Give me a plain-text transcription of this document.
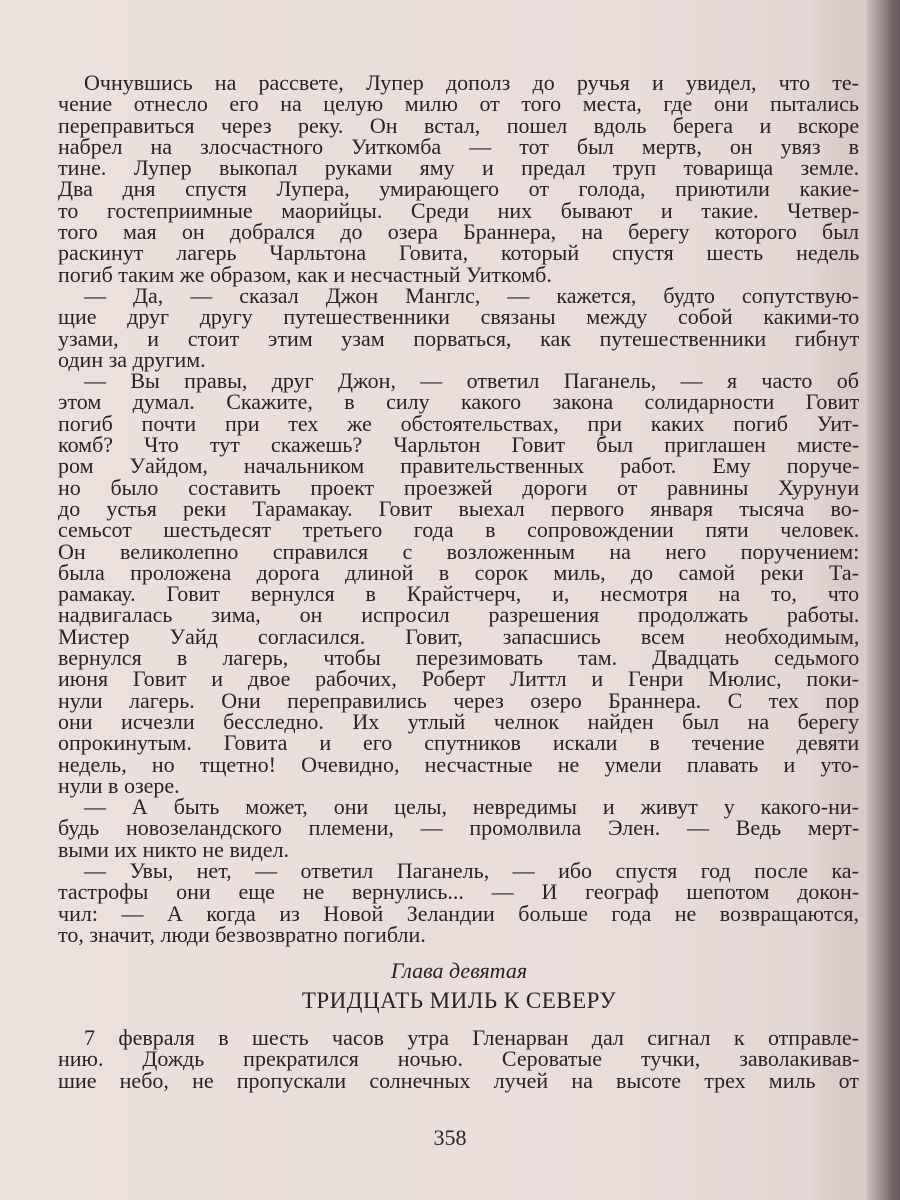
Очнувшись на рассвете, Лупер дополз до ручья и увидел, что те-
чение отнесло его на целую милю от того места, где они пытались
переправиться через реку. Он встал, пошел вдоль берега и вскоре
набрел на злосчастного Уиткомба — тот был мертв, он увяз в
тине. Лупер выкопал руками яму и предал труп товарища земле.
Два дня спустя Лупера, умирающего от голода, приютили какие-
то гостеприимные маорийцы. Среди них бывают и такие. Четвер-
того мая он добрался до озера Браннера, на берегу которого был
раскинут лагерь Чарльтона Говита, который спустя шесть недель
погиб таким же образом, как и несчастный Уиткомб.
— Да, — сказал Джон Манглс, — кажется, будто сопутствую-
щие друг другу путешественники связаны между собой какими-то
узами, и стоит этим узам порваться, как путешественники гибнут
один за другим.
— Вы правы, друг Джон, — ответил Паганель, — я часто об
этом думал. Скажите, в силу какого закона солидарности Говит
погиб почти при тех же обстоятельствах, при каких погиб Уит-
комб? Что тут скажешь? Чарльтон Говит был приглашен мисте-
ром Уайдом, начальником правительственных работ. Ему поруче-
но было составить проект проезжей дороги от равнины Хурунуи
до устья реки Тарамакау. Говит выехал первого января тысяча во-
семьсот шестьдесят третьего года в сопровождении пяти человек.
Он великолепно справился с возложенным на него поручением:
была проложена дорога длиной в сорок миль, до самой реки Та-
рамакау. Говит вернулся в Крайстчерч, и, несмотря на то, что
надвигалась зима, он испросил разрешения продолжать работы.
Мистер Уайд согласился. Говит, запасшись всем необходимым,
вернулся в лагерь, чтобы перезимовать там. Двадцать седьмого
июня Говит и двое рабочих, Роберт Литтл и Генри Мюлис, поки-
нули лагерь. Они переправились через озеро Браннера. С тех пор
они исчезли бесследно. Их утлый челнок найден был на берегу
опрокинутым. Говита и его спутников искали в течение девяти
недель, но тщетно! Очевидно, несчастные не умели плавать и уто-
нули в озере.
— А быть может, они целы, невредимы и живут у какого-ни-
будь новозеландского племени, — промолвила Элен. — Ведь мерт-
выми их никто не видел.
— Увы, нет, — ответил Паганель, — ибо спустя год после ка-
тастрофы они еще не вернулись... — И географ шепотом докон-
чил: — А когда из Новой Зеландии больше года не возвращаются,
то, значит, люди безвозвратно погибли.
Глава девятая
ТРИДЦАТЬ МИЛЬ К СЕВЕРУ
7 февраля в шесть часов утра Гленарван дал сигнал к отправле-
нию. Дождь прекратился ночью. Сероватые тучки, заволакивав-
шие небо, не пропускали солнечных лучей на высоте трех миль от
358
